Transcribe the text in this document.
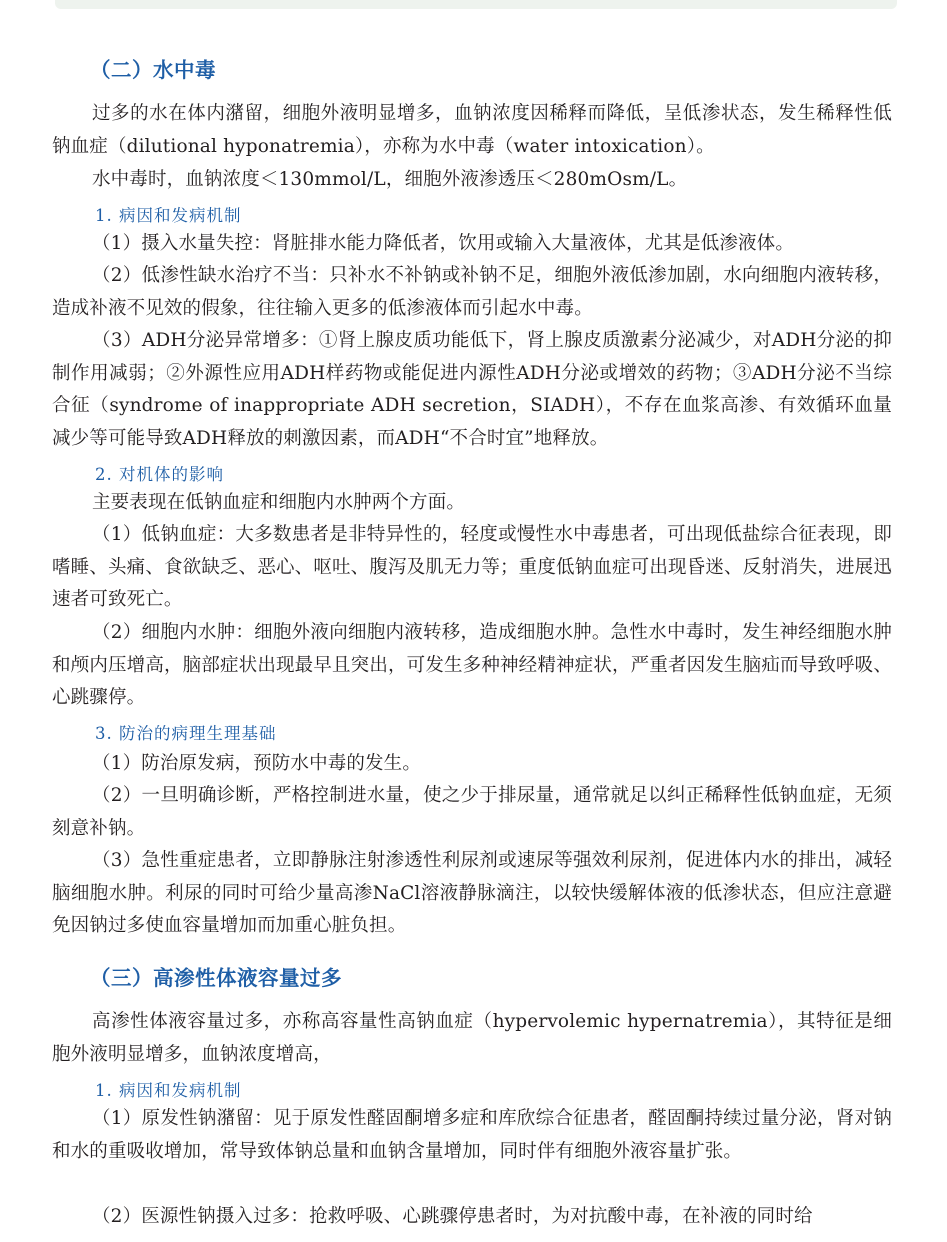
（二）水中毒

过多的水在体内潴留，细胞外液明显增多，血钠浓度因稀释而降低，呈低渗状态，发生稀释性低钠血症（dilutional hyponatremia），亦称为水中毒（water intoxication）。

水中毒时，血钠浓度＜130mmol/L，细胞外液渗透压＜280mOsm/L。

1. 病因和发病机制

（1）摄入水量失控：肾脏排水能力降低者，饮用或输入大量液体，尤其是低渗液体。

（2）低渗性缺水治疗不当：只补水不补钠或补钠不足，细胞外液低渗加剧，水向细胞内液转移，造成补液不见效的假象，往往输入更多的低渗液体而引起水中毒。

（3）ADH分泌异常增多：①肾上腺皮质功能低下，肾上腺皮质激素分泌减少，对ADH分泌的抑制作用减弱；②外源性应用ADH样药物或能促进内源性ADH分泌或增效的药物；③ADH分泌不当综合征（syndrome of inappropriate ADH secretion，SIADH），不存在血浆高渗、有效循环血量减少等可能导致ADH释放的刺激因素，而ADH“不合时宜”地释放。

2. 对机体的影响

主要表现在低钠血症和细胞内水肿两个方面。

（1）低钠血症：大多数患者是非特异性的，轻度或慢性水中毒患者，可出现低盐综合征表现，即嗜睡、头痛、食欲缺乏、恶心、呕吐、腹泻及肌无力等；重度低钠血症可出现昏迷、反射消失，进展迅速者可致死亡。

（2）细胞内水肿：细胞外液向细胞内液转移，造成细胞水肿。急性水中毒时，发生神经细胞水肿和颅内压增高，脑部症状出现最早且突出，可发生多种神经精神症状，严重者因发生脑疝而导致呼吸、心跳骤停。

3. 防治的病理生理基础

（1）防治原发病，预防水中毒的发生。

（2）一旦明确诊断，严格控制进水量，使之少于排尿量，通常就足以纠正稀释性低钠血症，无须刻意补钠。

（3）急性重症患者，立即静脉注射渗透性利尿剂或速尿等强效利尿剂，促进体内水的排出，减轻脑细胞水肿。利尿的同时可给少量高渗NaCl溶液静脉滴注，以较快缓解体液的低渗状态，但应注意避免因钠过多使血容量增加而加重心脏负担。

（三）高渗性体液容量过多

高渗性体液容量过多，亦称高容量性高钠血症（hypervolemic hypernatremia），其特征是细胞外液明显增多，血钠浓度增高，

1. 病因和发病机制

（1）原发性钠潴留：见于原发性醛固酮增多症和库欣综合征患者，醛固酮持续过量分泌，肾对钠和水的重吸收增加，常导致体钠总量和血钠含量增加，同时伴有细胞外液容量扩张。

（2）医源性钠摄入过多：抢救呼吸、心跳骤停患者时，为对抗酸中毒，在补液的同时给
